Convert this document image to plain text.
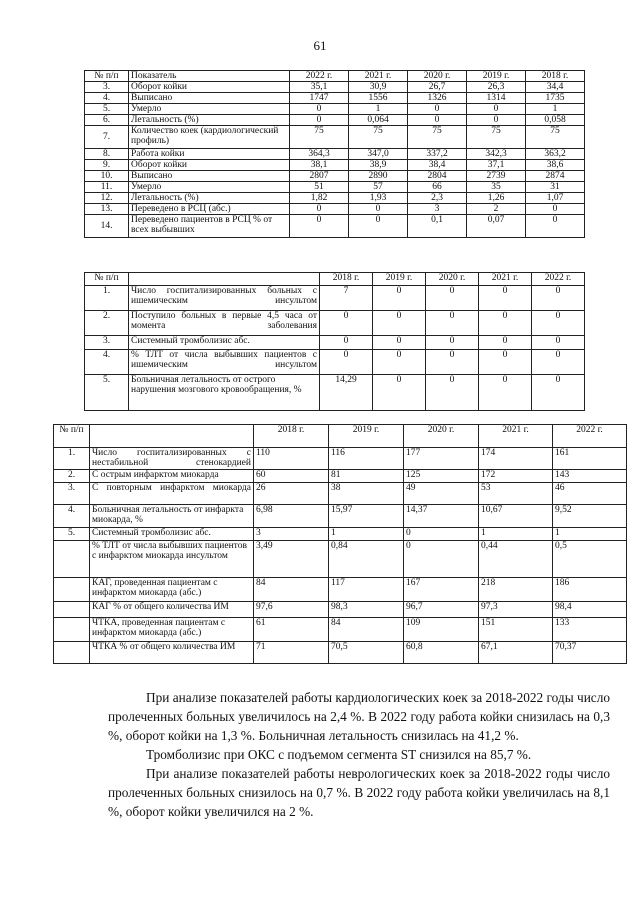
61
№ п/п	Показатель	2022 г.	2021 г.	2020 г.	2019 г.	2018 г.
3.	Оборот койки	35,1	30,9	26,7	26,3	34,4
4.	Выписано	1747	1556	1326	1314	1735
5.	Умерло	0	1	0	0	1
6.	Летальность (%)	0	0,064	0	0	0,058
7.	Количество коек (кардиологический профиль)	75	75	75	75	75
8.	Работа койки	364,3	347,0	337,2	342,3	363,2
9.	Оборот койки	38,1	38,9	38,4	37,1	38,6
10.	Выписано	2807	2890	2804	2739	2874
11.	Умерло	51	57	66	35	31
12.	Летальность (%)	1,82	1,93	2,3	1,26	1,07
13.	Переведено в РСЦ (абс.)	0	0	3	2	0
14.	Переведено пациентов в РСЦ % от всех выбывших	0	0	0,1	0,07	0
№ п/п		2018 г.	2019 г.	2020 г.	2021 г.	2022 г.
1.	Число госпитализированных больных с ишемическим инсультом	7	0	0	0	0
2.	Поступило больных в первые 4,5 часа от момента заболевания	0	0	0	0	0
3.	Системный тромболизис абс.	0	0	0	0	0
4.	% ТЛТ от числа выбывших пациентов с ишемическим инсультом	0	0	0	0	0
5.	Больничная летальность от острого нарушения мозгового кровообращения, %	14,29	0	0	0	0
№ п/п		2018 г.	2019 г.	2020 г.	2021 г.	2022 г.
1.	Число госпитализированных с нестабильной стенокардией	110	116	177	174	161
2.	С острым инфарктом миокарда	60	81	125	172	143
3.	С повторным инфарктом миокарда	26	38	49	53	46
4.	Больничная летальность от инфаркта миокарда, %	6,98	15,97	14,37	10,67	9,52
5.	Системный тромболизис абс.	3	1	0	1	1
	% ТЛТ от числа выбывших пациентов с инфарктом миокарда инсультом	3,49	0,84	0	0,44	0,5
	КАГ, проведенная пациентам с инфарктом миокарда (абс.)	84	117	167	218	186
	КАГ % от общего количества ИМ	97,6	98,3	96,7	97,3	98,4
	ЧТКА, проведенная пациентам с инфарктом миокарда (абс.)	61	84	109	151	133
	ЧТКА % от общего количества ИМ	71	70,5	60,8	67,1	70,37

При анализе показателей работы кардиологических коек за 2018-2022 годы число пролеченных больных увеличилось на 2,4 %. В 2022 году работа койки снизилась на 0,3 %, оборот койки на 1,3 %. Больничная летальность снизилась на 41,2 %.

Тромболизис при ОКС с подъемом сегмента ST снизился на 85,7 %.

При анализе показателей работы неврологических коек за 2018-2022 годы число пролеченных больных снизилось на 0,7 %. В 2022 году работа койки увеличилась на 8,1 %, оборот койки увеличился на 2 %.
